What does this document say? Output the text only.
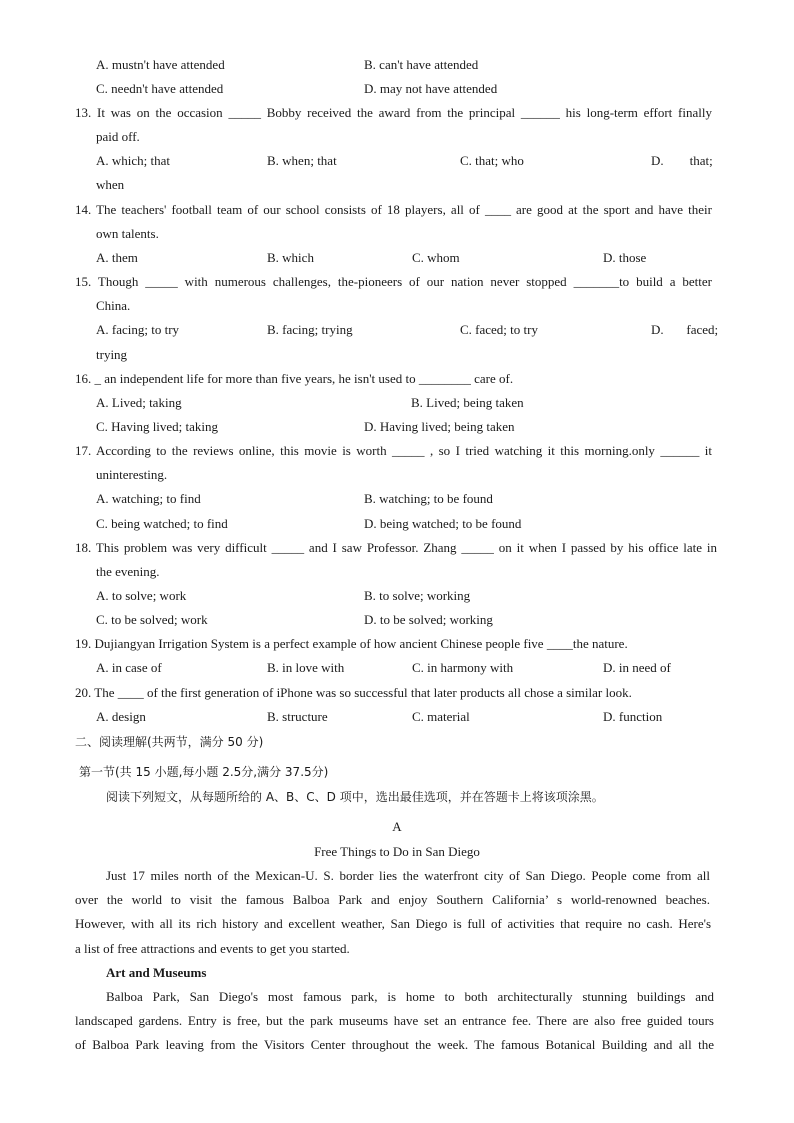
A. mustn't have attended	B. can't have attended
C. needn't have attended	D. may not have attended
13. It was on the occasion _____ Bobby received the award from the principal ______ his long-term effort finally
paid off.
A. which; that	B. when; that	C. that; who	D.        that;
when
14. The teachers' football team of our school consists of 18 players, all of ____ are good at the sport and have their
own talents.
A. them	B. which	C. whom	D. those
15. Though _____ with numerous challenges, the-pioneers of our nation never stopped _______to build a better
China.
A. facing; to try	B. facing; trying	C. faced; to try	D.       faced;
trying
16. _ an independent life for more than five years, he isn't used to ________ care of.
A. Lived; taking	B. Lived; being taken
C. Having lived; taking	D. Having lived; being taken
17. According to the reviews online, this movie is worth _____ , so I tried watching it this morning.only ______ it
uninteresting.
A. watching; to find	B. watching; to be found
C. being watched; to find	D. being watched; to be found
18. This problem was very difficult _____ and I saw Professor. Zhang _____ on it when I passed by his office late in
the evening.
A. to solve; work	B. to solve; working
C. to be solved; work	D. to be solved; working
19. Dujiangyan Irrigation System is a perfect example of how ancient Chinese people five ____the nature.
A. in case of	B. in love with	C. in harmony with	D. in need of
20. The ____ of the first generation of iPhone was so successful that later products all chose a similar look.
A. design	B. structure	C. material	D. function
二、阅读理解(共两节，满分 50 分)
第一节(共 15 小题,每小题 2.5分,满分 37.5分)
阅读下列短文，从每题所给的 A、B、C、D 项中，选出最佳选项，并在答题卡上将该项涂黑。
A
Free Things to Do in San Diego
Just 17 miles north of the Mexican-U. S. border lies the waterfront city of San Diego. People come from all
over the world to visit the famous Balboa Park and enjoy Southern California’ s world-renowned beaches.
However, with all its rich history and excellent weather, San Diego is full of activities that require no cash. Here's
a list of free attractions and events to get you started.
Art and Museums
Balboa Park, San Diego's most famous park, is home to both architecturally stunning buildings and
landscaped gardens. Entry is free, but the park museums have set an entrance fee. There are also free guided tours
of Balboa Park leaving from the Visitors Center throughout the week. The famous Botanical Building and all the
